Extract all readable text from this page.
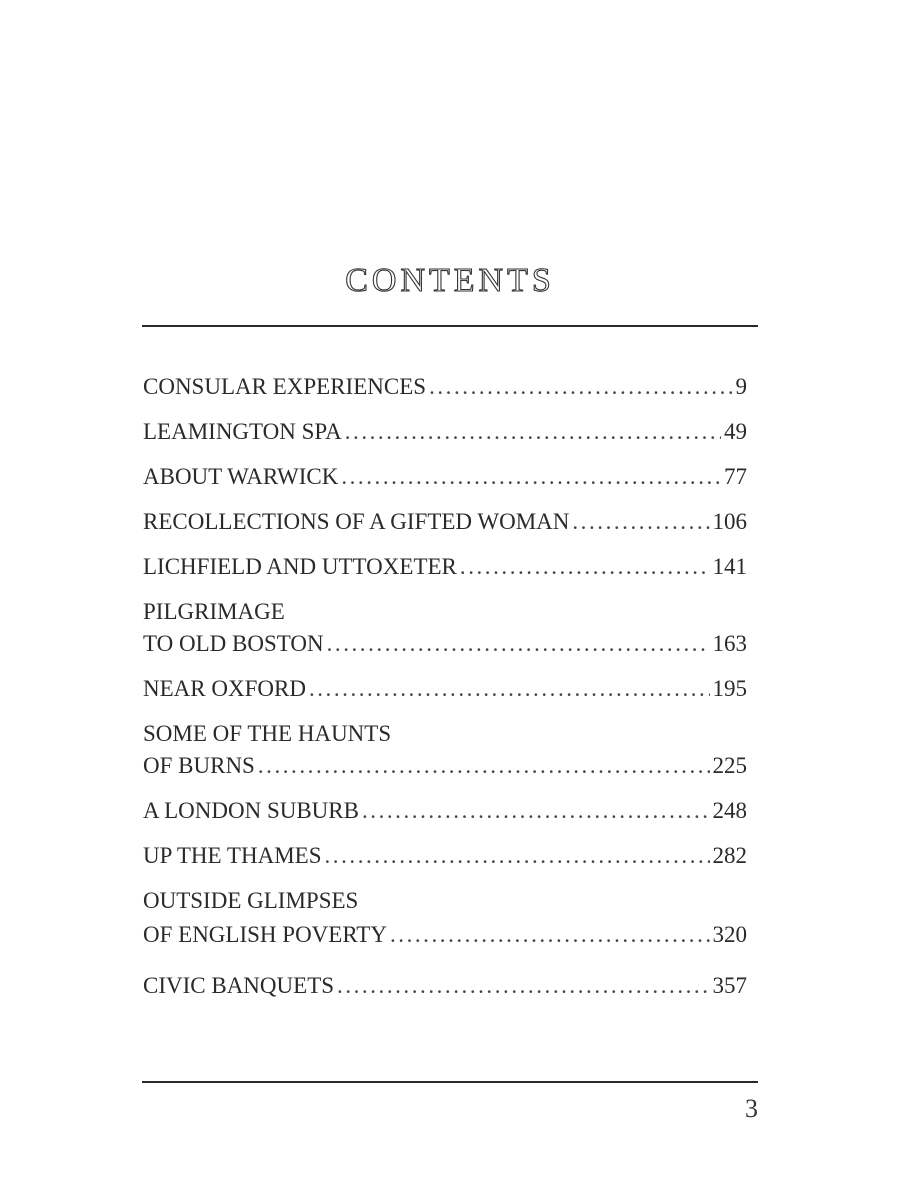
CONTENTS
CONSULAR EXPERIENCES . . .	9
LEAMINGTON SPA . . .	49
ABOUT WARWICK . . .	77
RECOLLECTIONS OF A GIFTED WOMAN . . .	106
LICHFIELD AND UTTOXETER . . .	141
PILGRIMAGE
TO OLD BOSTON . . .	163
NEAR OXFORD . . .	195
SOME OF THE HAUNTS
OF BURNS . . .	225
A LONDON SUBURB . . .	248
UP THE THAMES . . .	282
OUTSIDE GLIMPSES
OF ENGLISH POVERTY . . .	320
CIVIC BANQUETS . . .	357
3
